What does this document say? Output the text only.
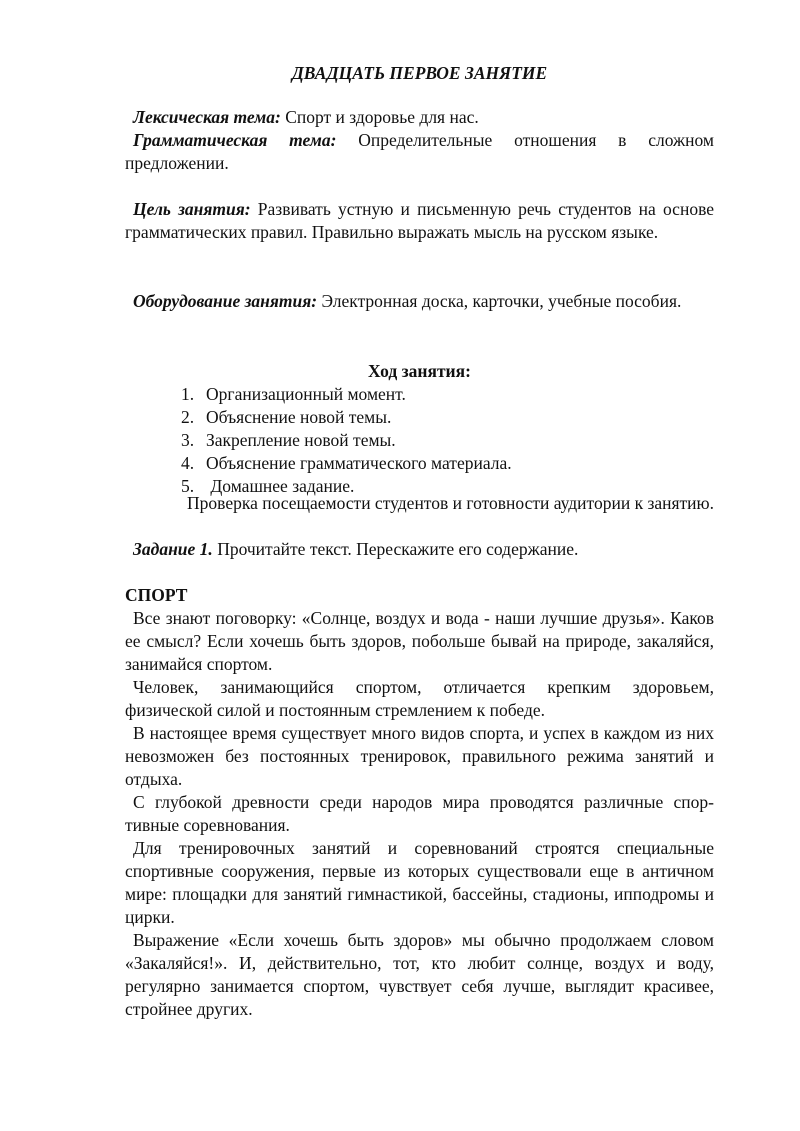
ДВАДЦАТЬ ПЕРВОЕ ЗАНЯТИЕ

Лексическая тема: Спорт и здоровье для нас.

Грамматическая тема: Определительные отношения в сложном предложении.

Цель занятия: Развивать устную и письменную речь студентов на основе грамматических правил. Правильно выражать мысль на русском языке.

Оборудование занятия: Электронная доска, карточки, учебные пособия.

Ход занятия:

1. Организационный момент.
2. Объяснение новой темы.
3. Закрепление новой темы.
4. Объяснение грамматического материала.
5. Домашнее задание.
Проверка посещаемости студентов и готовности аудитории к занятию.

Задание 1. Прочитайте текст. Перескажите его содержание.

СПОРТ

Все знают поговорку: «Солнце, воздух и вода - наши лучшие друзья». Каков ее смысл? Если хочешь быть здоров, побольше бывай на природе, закаляйся, занимайся спортом.

Человек, занимающийся спортом, отличается крепким здоровьем, физической силой и постоянным стремлением к победе.

В настоящее время существует много видов спорта, и успех в каждом из них невозможен без постоянных тренировок, правильного режима занятий и отдыха.

С глубокой древности среди народов мира проводятся различные спор-тивные соревнования.

Для тренировочных занятий и соревнований строятся специальные спортивные сооружения, первые из которых существовали еще в античном мире: площадки для занятий гимнастикой, бассейны, стадионы, ипподромы и цирки.

Выражение «Если хочешь быть здоров» мы обычно продолжаем словом «Закаляйся!». И, действительно, тот, кто любит солнце, воздух и воду, регулярно занимается спортом, чувствует себя лучше, выглядит красивее, стройнее других.
